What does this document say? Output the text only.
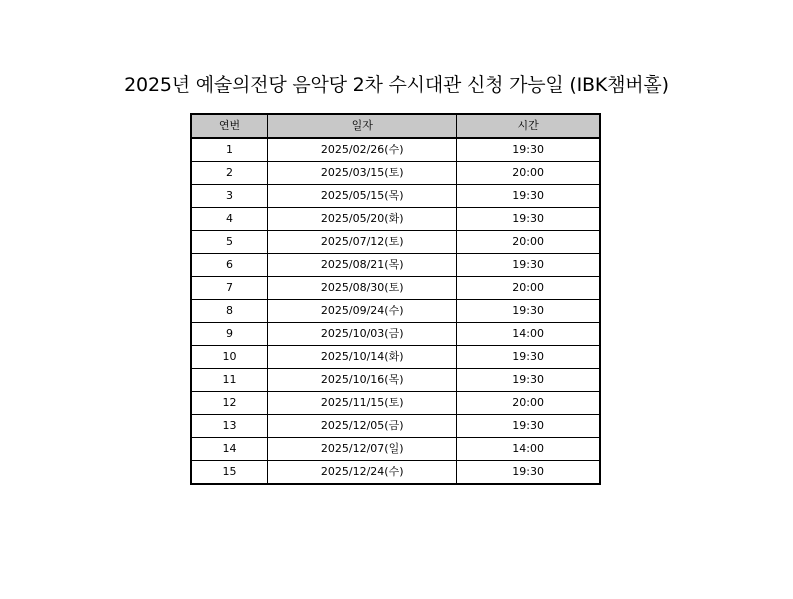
2025년 예술의전당 음악당 2차 수시대관 신청 가능일 (IBK챔버홀)
연번	일자	시간
1	2025/02/26(수)	19:30
2	2025/03/15(토)	20:00
3	2025/05/15(목)	19:30
4	2025/05/20(화)	19:30
5	2025/07/12(토)	20:00
6	2025/08/21(목)	19:30
7	2025/08/30(토)	20:00
8	2025/09/24(수)	19:30
9	2025/10/03(금)	14:00
10	2025/10/14(화)	19:30
11	2025/10/16(목)	19:30
12	2025/11/15(토)	20:00
13	2025/12/05(금)	19:30
14	2025/12/07(일)	14:00
15	2025/12/24(수)	19:30
